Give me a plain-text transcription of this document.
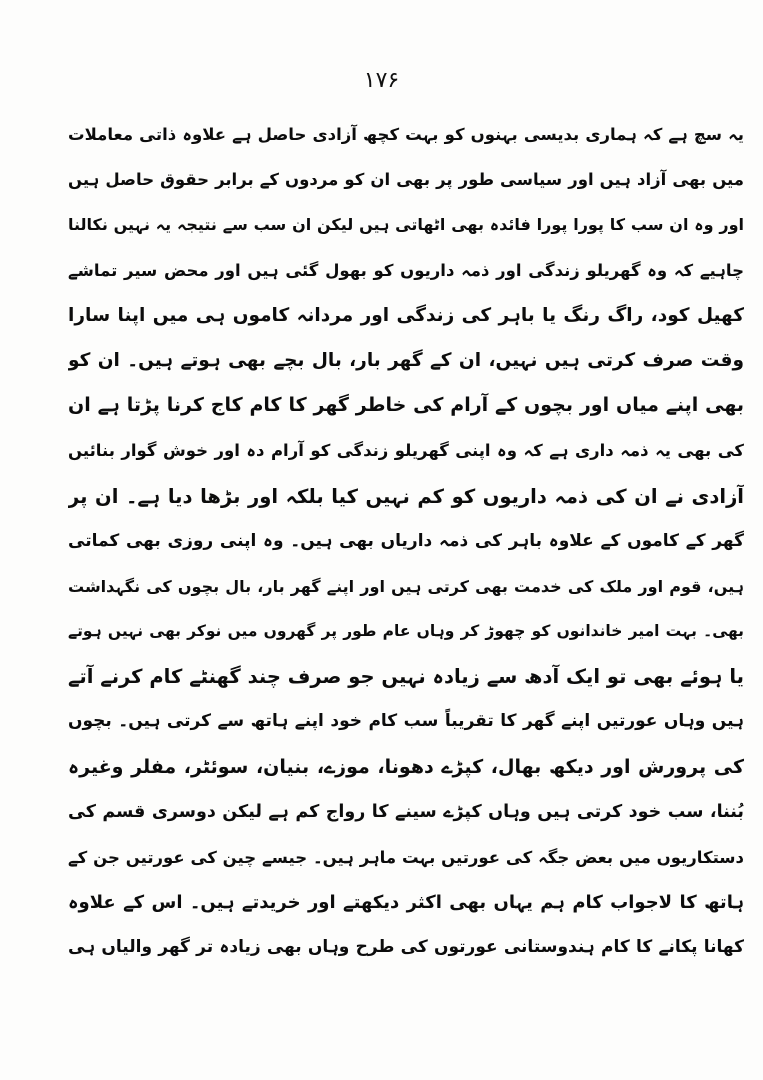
۱۷۶
یہ سچ ہے کہ ہماری بدیسی بہنوں کو بہت کچھ آزادی حاصل ہے علاوہ ذاتی معاملات
میں بھی آزاد ہیں اور سیاسی طور پر بھی ان کو مردوں کے برابر حقوق حاصل ہیں
اور وہ ان سب کا پورا پورا فائدہ بھی اٹھاتی ہیں لیکن ان سب سے نتیجہ یہ نہیں نکالنا
چاہیے کہ وہ گھریلو زندگی اور ذمہ داریوں کو بھول گئی ہیں اور محض سیر تماشے
کھیل کود، راگ رنگ یا باہر کی زندگی اور مردانہ کاموں ہی میں اپنا سارا
وقت صرف کرتی ہیں نہیں، ان کے گھر بار، بال بچے بھی ہوتے ہیں۔ ان کو
بھی اپنے میاں اور بچوں کے آرام کی خاطر گھر کا کام کاج کرنا پڑتا ہے ان
کی بھی یہ ذمہ داری ہے کہ وہ اپنی گھریلو زندگی کو آرام دہ اور خوش گوار بنائیں
آزادی نے ان کی ذمہ داریوں کو کم نہیں کیا بلکہ اور بڑھا دیا ہے۔ ان پر
گھر کے کاموں کے علاوہ باہر کی ذمہ داریاں بھی ہیں۔ وہ اپنی روزی بھی کماتی
ہیں، قوم اور ملک کی خدمت بھی کرتی ہیں اور اپنے گھر بار، بال بچوں کی نگہداشت
بھی۔ بہت امیر خاندانوں کو چھوڑ کر وہاں عام طور پر گھروں میں نوکر بھی نہیں ہوتے
یا ہوئے بھی تو ایک آدھ سے زیادہ نہیں جو صرف چند گھنٹے کام کرنے آتے
ہیں وہاں عورتیں اپنے گھر کا تقریباً سب کام خود اپنے ہاتھ سے کرتی ہیں۔ بچوں
کی پرورش اور دیکھ بھال، کپڑے دھونا، موزے، بنیان، سوئٹر، مفلر وغیرہ
بُننا، سب خود کرتی ہیں وہاں کپڑے سینے کا رواج کم ہے لیکن دوسری قسم کی
دستکاریوں میں بعض جگہ کی عورتیں بہت ماہر ہیں۔ جیسے چین کی عورتیں جن کے
ہاتھ کا لاجواب کام ہم یہاں بھی اکثر دیکھتے اور خریدتے ہیں۔ اس کے علاوہ
کھانا پکانے کا کام ہندوستانی عورتوں کی طرح وہاں بھی زیادہ تر گھر والیاں ہی
